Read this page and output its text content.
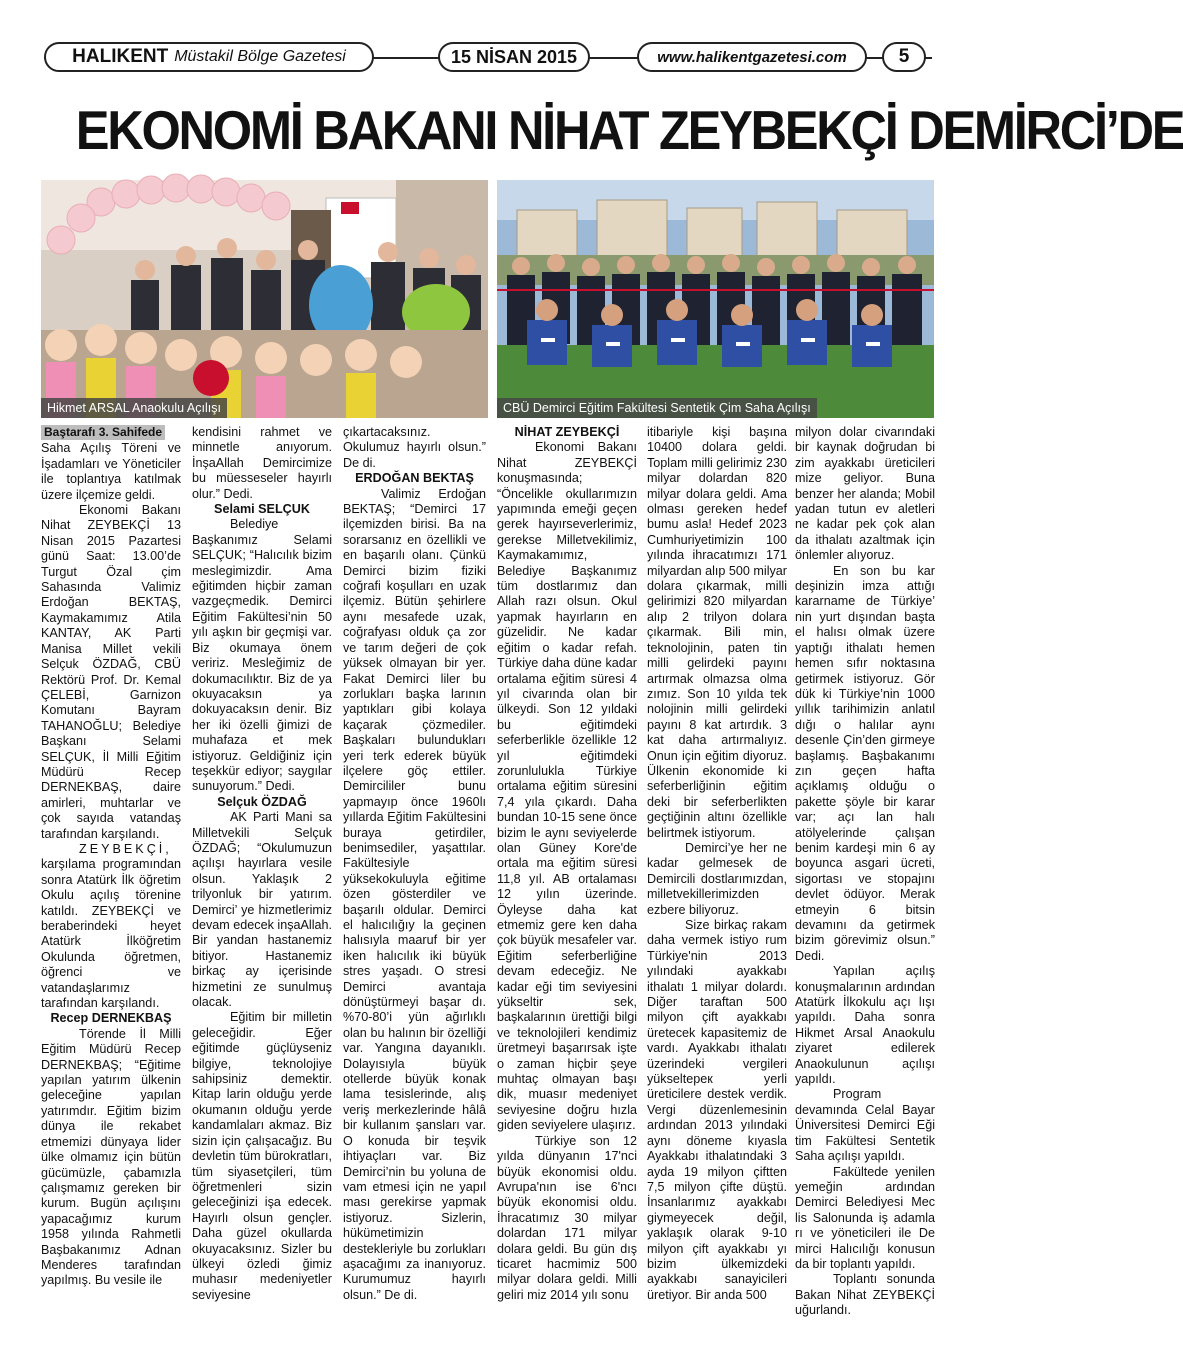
HALIKENT Müstakil Bölge Gazetesi	15 NİSAN 2015	www.halikentgazetesi.com	5
EKONOMİ BAKANI NİHAT ZEYBEKÇİ DEMİRCİ’DE
Hikmet ARSAL Anaokulu Açılışı	CBÜ Demirci Eğitim Fakültesi Sentetik Çim Saha Açılışı
Baştarafı 3. Sahifede

Saha Açılış Töreni ve İşadamları ve Yöneticiler ile toplantıya katılmak üzere ilçemize geldi.

Ekonomi Bakanı Nihat ZEYBEKÇİ 13 Nisan 2015 Pazartesi günü Saat: 13.00’de Turgut Özal çim Sahasında Valimiz Erdoğan BEKTAŞ, Kaymakamımız Atila KANTAY, AK Parti Manisa Millet vekili Selçuk ÖZDAĞ, CBÜ Rektörü Prof. Dr. Kemal ÇELEBİ, Garnizon Komutanı Bayram TAHANOĞLU; Belediye Başkanı Selami SELÇUK, İl Milli Eğitim Müdürü Recep DERNEKBAŞ, daire amirleri, muhtarlar ve çok sayıda vatandaş tarafından karşılandı.

ZEYBEKÇİ, karşılama programından sonra Atatürk İlk öğretim Okulu açılış törenine katıldı. ZEYBEKÇİ ve beraberindeki heyet Atatürk İlköğretim Okulunda öğretmen, öğrenci ve vatandaşlarımız tarafından karşılandı.

Recep DERNEKBAŞ

Törende İl Milli Eğitim Müdürü Recep DERNEKBAŞ; “Eğitime yapılan yatırım ülkenin geleceğine yapılan yatırımdır. Eğitim bizim dünya ile rekabet etmemizi dünyaya lider ülke olmamız için bütün gücümüzle, çabamızla çalışmamız gereken bir kurum. Bugün açılışını yapacağımız kurum 1958 yılında Rahmetli Başbakanımız Adnan Menderes tarafından yapılmış. Bu vesile ile

kendisini rahmet ve minnetle anıyorum. İnşaAllah Demircimize bu müesseseler hayırlı olur.” Dedi.

Selami SELÇUK

Belediye Başkanımız Selami SELÇUK; “Halıcılık bizim meslegimizdir. Ama eğitimden hiçbir zaman vazgeçmedik. Demirci Eğitim Fakültesi’nin 50 yılı aşkın bir geçmişi var. Biz okumaya önem veririz. Mesleğimiz de dokumacılıktır. Biz de ya okuyacaksın ya dokuyacaksın denir. Biz her iki özelli ğimizi de muhafaza et mek istiyoruz. Geldiğiniz için teşekkür ediyor; saygılar sunuyorum.” Dedi.

Selçuk ÖZDAĞ

AK Parti Mani sa Milletvekili Selçuk ÖZDAĞ; “Okulumuzun açılışı hayırlara vesile olsun. Yaklaşık 2 trilyonluk bir yatırım. Demirci’ ye hizmetlerimiz devam edecek inşaAllah. Bir yandan hastanemiz bitiyor. Hastanemiz birkaç ay içerisinde hizmetini ze sunulmuş olacak.

Eğitim bir milletin geleceğidir. Eğer eğitimde güçlüyseniz bilgiye, teknolojiye sahipsiniz demektir. Kitap larin olduğu yerde okumanın olduğu yerde kandamlaları akmaz. Biz sizin için çalışacağız. Bu devletin tüm bürokratları, tüm siyasetçileri, tüm öğretmenleri sizin geleceğinizi işa edecek. Hayırlı olsun gençler. Daha güzel okullarda okuyacaksınız. Sizler bu ülkeyi özledi ğimiz muhasır medeniyetler seviyesine

çıkartacaksınız. Okulumuz hayırlı olsun.” De di.

ERDOĞAN BEKTAŞ

Valimiz Erdoğan BEKTAŞ; “Demirci 17 ilçemizden birisi. Ba na sorarsanız en özellikli ve en başarılı olanı. Çünkü Demirci bizim fiziki coğrafi koşulları en uzak ilçemiz. Bütün şehirlere aynı mesafede uzak, coğrafyası olduk ça zor ve tarım değeri de çok yüksek olmayan bir yer. Fakat Demirci liler bu zorlukları başka larının yaptıkları gibi kolaya kaçarak çözmediler. Başkaları bulundukları yeri terk ederek büyük ilçelere göç ettiler. Demircililer bunu yapmayıp önce 1960lı yıllarda Eğitim Fakültesini buraya getirdiler, benimsediler, yaşattılar. Fakültesiyle yüksekokuluyla eğitime özen gösterdiler ve başarılı oldular. Demirci el halıcılığıy la geçinen halısıyla maaruf bir yer iken halıcılık iki büyük stres yaşadı. O stresi Demirci avantaja dönüştürmeyi başar dı. %70-80’i yün ağırlıklı olan bu halının bir özelliği var. Yangına dayanıklı. Dolayısıyla büyük otellerde büyük konak lama tesislerinde, alış veriş merkezlerinde hâlâ bir kullanım şansları var. O konuda bir teşvik ihtiyaçları var. Biz Demirci’nin bu yoluna de vam etmesi için ne yapıl ması gerekirse yapmak istiyoruz. Sizlerin, hükümetimizin destekleriyle bu zorlukları aşacağımı za inanıyoruz. Kurumumuz hayırlı olsun.” De di.

NİHAT ZEYBEKÇİ

Ekonomi Bakanı Nihat ZEYBEKÇİ konuşmasında; “Öncelikle okullarımızın yapımında emeği geçen gerek hayırseverlerimiz, gerekse Milletvekilimiz, Kaymakamımız, Belediye Başkanımız tüm dostlarımız dan Allah razı olsun. Okul yapmak hayırların en güzelidir. Ne kadar eğitim o kadar refah. Türkiye daha düne kadar ortalama eğitim süresi 4 yıl civarında olan bir ülkeydi. Son 12 yıldaki bu eğitimdeki seferberlikle özellikle 12 yıl eğitimdeki zorunlulukla Türkiye ortalama eğitim süresini 7,4 yıla çıkardı. Daha bundan 10-15 sene önce bizim le aynı seviyelerde olan Güney Kore'de ortala ma eğitim süresi 11,8 yıl. AB ortalaması 12 yılın üzerinde. Öyleyse daha kat etmemiz gere ken daha çok büyük mesafeler var. Eğitim seferberliğine devam edeceğiz. Ne kadar eği tim seviyesini yükseltir sek, başkalarının ürettiği bilgi ve teknolojileri kendimiz üretmeyi başarırsak işte o zaman hiçbir şeye muhtaç olmayan başı dik, muasır medeniyet seviyesine doğru hızla giden seviyelere ulaşırız.

Türkiye son 12 yılda dünyanın 17'nci büyük ekonomisi oldu. Avrupa'nın ise 6'ncı büyük ekonomisi oldu. İhracatımız 30 milyar dolardan 171 milyar dolara geldi. Bu gün dış ticaret hacmimiz 500 milyar dolara geldi. Milli geliri miz 2014 yılı sonu

itibariyle kişi başına 10400 dolara geldi. Toplam milli gelirimiz 230 milyar dolardan 820 milyar dolara geldi. Ama olması gereken hedef bumu asla! Hedef 2023 Cumhuriyetimizin 100 yılında ihracatımızı 171 milyardan alıp 500 milyar dolara çıkarmak, milli gelirimizi 820 milyardan alıp 2 trilyon dolara çıkarmak. Bili min, teknolojinin, paten tin milli gelirdeki payını artırmak olmazsa olma zımız. Son 10 yılda tek nolojinin milli gelirdeki payını 8 kat artırdık. 3 kat daha artırmalıyız. Onun için eğitim diyoruz. Ülkenin ekonomide ki seferberliğinin eğitim deki bir seferberlikten geçtiğinin altını özellikle belirtmek istiyorum.

Demirci’ye her ne kadar gelmesek de Demircili dostlarımızdan, milletvekillerimizden ezbere biliyoruz.

Size birkaç rakam daha vermek istiyo rum Türkiye'nin 2013 yılındaki ayakkabı ithalatı 1 milyar dolardı. Diğer taraftan 500 milyon çift ayakkabı üretecek kapasitemiz de vardı. Ayakkabı ithalatı üzerindeki vergileri yükseltерек yerli üreticilere destek verdik. Vergi düzenlemesinin ardından 2013 yılındaki aynı döneme kıyasla Ayakkabı ithalatındaki 3 ayda 19 milyon çiftten 7,5 milyon çifte düştü. İnsanlarımız ayakkabı giymeyecek değil, yaklaşık olarak 9-10 milyon çift ayakkabı yı bizim ülkemizdeki ayakkabı sanayicileri üretiyor. Bir anda 500

milyon dolar civarındaki bir kaynak doğrudan bi zim ayakkabı üreticileri mize geliyor. Buna benzer her alanda; Mobil yadan tutun ev aletleri ne kadar pek çok alan da ithalatı azaltmak için önlemler alıyoruz.

En son bu kar deşinizin imza attığı kararname de Türkiye’ nin yurt dışından başta el halısı olmak üzere yaptığı ithalatı hemen hemen sıfır noktasına getirmek istiyoruz. Gör dük ki Türkiye’nin 1000 yıllık tarihimizin anlatıl dığı o halılar aynı desenle Çin’den girmeye başlamış. Başbakanımı zın geçen hafta açıklamış olduğu o pakette şöyle bir karar var; açı lan halı atölyelerinde çalışan benim kardeşi min 6 ay boyunca asgari ücreti, sigortası ve stopajını devlet ödüyor. Merak etmeyin 6 bitsin devamını da getirmek bizim görevimiz olsun.” Dedi.

Yapılan açılış konuşmalarının ardından Atatürk İlkokulu açı lışı yapıldı. Daha sonra Hikmet Arsal Anaokulu ziyaret edilerek Anaokulunun açılışı yapıldı.

Program devamında Celal Bayar Üniversitesi Demirci Eği tim Fakültesi Sentetik Saha açılışı yapıldı.

Fakültede yenilen yemeğin ardından Demirci Belediyesi Mec lis Salonunda iş adamla rı ve yöneticileri ile De mirci Halıcılığı konusun da bir toplantı yapıldı.

Toplantı sonunda Bakan Nihat ZEYBEKÇİ uğurlandı.
